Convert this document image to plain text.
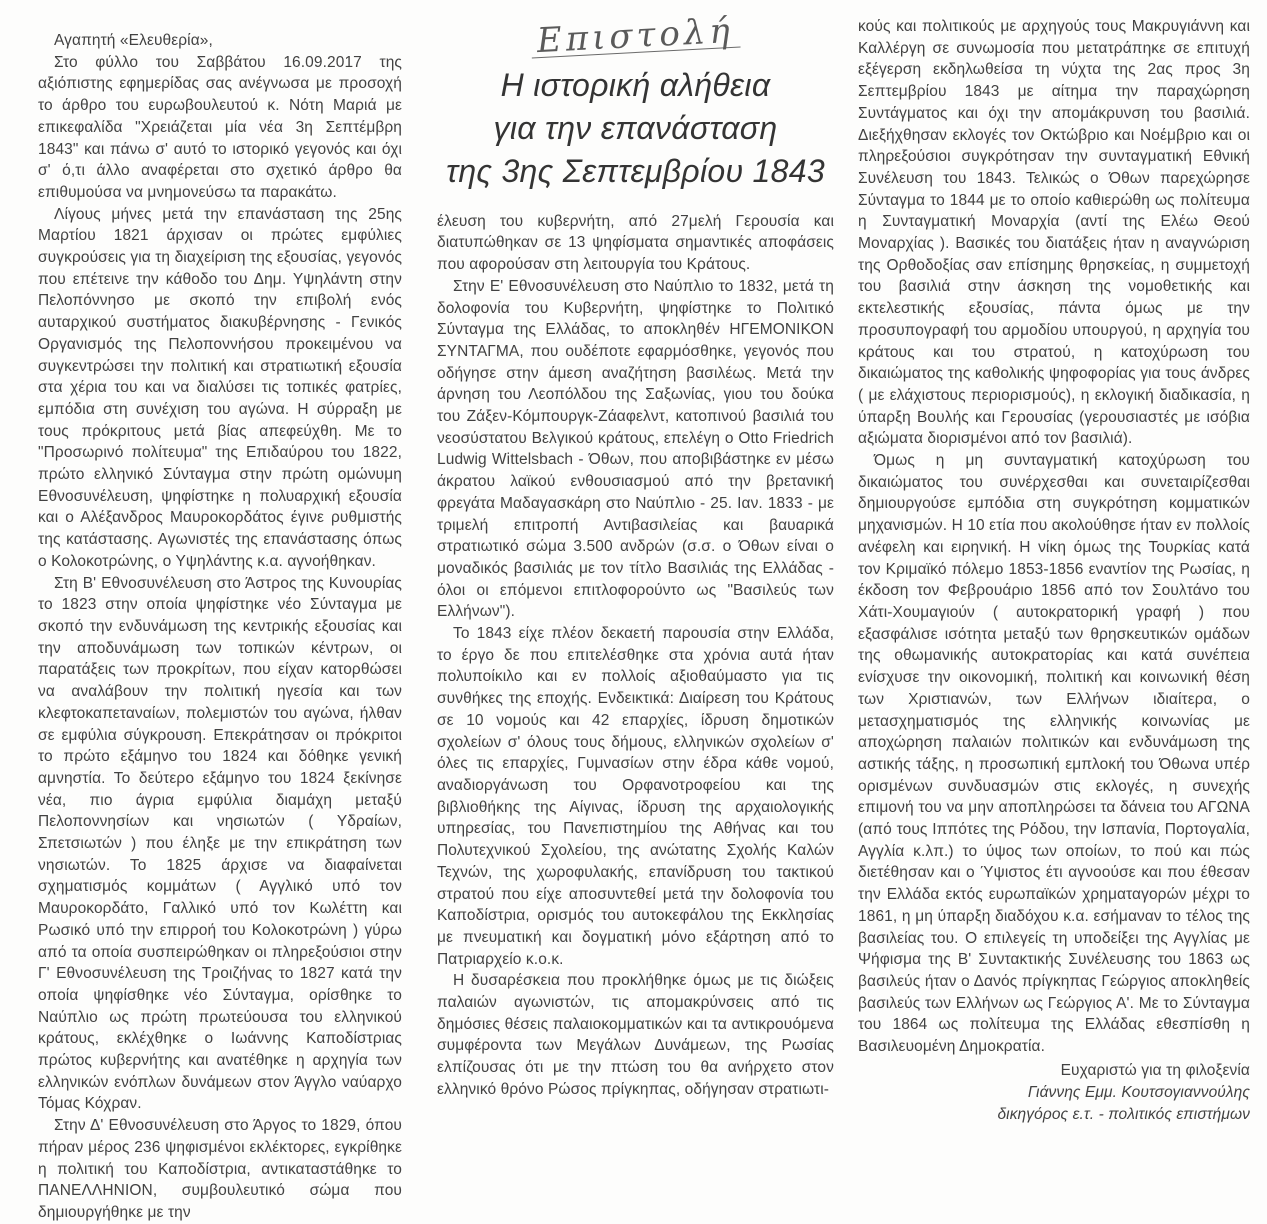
Αγαπητή «Ελευθερία»,

Στο φύλλο του Σαββάτου 16.09.2017 της αξιόπιστης εφημερίδας σας ανέγνωσα με προσοχή το άρθρο του ευρωβουλευτού κ. Νότη Μαριά με επικεφαλίδα "Χρειάζεται μία νέα 3η Σεπτέμβρη 1843" και πάνω σ' αυτό το ιστορικό γεγονός και όχι σ' ό,τι άλλο αναφέρεται στο σχετικό άρθρο θα επιθυμούσα να μνημονεύσω τα παρακάτω.

Λίγους μήνες μετά την επανάσταση της 25ης Μαρτίου 1821 άρχισαν οι πρώτες εμφύλιες συγκρούσεις για τη διαχείριση της εξουσίας, γεγονός που επέτεινε την κάθοδο του Δημ. Υψηλάντη στην Πελοπόννησο με σκοπό την επιβολή ενός αυταρχικού συστήματος διακυβέρνησης - Γενικός Οργανισμός της Πελοποννήσου προκειμένου να συγκεντρώσει την πολιτική και στρατιωτική εξουσία στα χέρια του και να διαλύσει τις τοπικές φατρίες, εμπόδια στη συνέχιση του αγώνα. Η σύρραξη με τους πρόκριτους μετά βίας απεφεύχθη. Με το "Προσωρινό πολίτευμα" της Επιδαύρου του 1822, πρώτο ελληνικό Σύνταγμα στην πρώτη ομώνυμη Εθνοσυνέλευση, ψηφίστηκε η πολυαρχική εξουσία και ο Αλέξανδρος Μαυροκορδάτος έγινε ρυθμιστής της κατάστασης. Αγωνιστές της επανάστασης όπως ο Κολοκοτρώνης, ο Υψηλάντης κ.α. αγνοήθηκαν.

Στη Β' Εθνοσυνέλευση στο Άστρος της Κυνουρίας το 1823 στην οποία ψηφίστηκε νέο Σύνταγμα με σκοπό την ενδυνάμωση της κεντρικής εξουσίας και την αποδυνάμωση των τοπικών κέντρων, οι παρατάξεις των προκρίτων, που είχαν κατορθώσει να αναλάβουν την πολιτική ηγεσία και των κλεφτοκαπεταναίων, πολεμιστών του αγώνα, ήλθαν σε εμφύλια σύγκρουση. Επεκράτησαν οι πρόκριτοι το πρώτο εξάμηνο του 1824 και δόθηκε γενική αμνηστία. Το δεύτερο εξάμηνο του 1824 ξεκίνησε νέα, πιο άγρια εμφύλια διαμάχη μεταξύ Πελοποννησίων και νησιωτών ( Υδραίων, Σπετσιωτών ) που έληξε με την επικράτηση των νησιωτών. Το 1825 άρχισε να διαφαίνεται σχηματισμός κομμάτων ( Αγγλικό υπό τον Μαυροκορδάτο, Γαλλικό υπό τον Κωλέττη και Ρωσικό υπό την επιρροή του Κολοκοτρώνη ) γύρω από τα οποία συσπειρώθηκαν οι πληρεξούσιοι στην Γ' Εθνοσυνέλευση της Τροιζήνας το 1827 κατά την οποία ψηφίσθηκε νέο Σύνταγμα, ορίσθηκε το Ναύπλιο ως πρώτη πρωτεύουσα του ελληνικού κράτους, εκλέχθηκε ο Ιωάννης Καποδίστριας πρώτος κυβερνήτης και ανατέθηκε η αρχηγία των ελληνικών ενόπλων δυνάμεων στον Άγγλο ναύαρχο Τόμας Κόχραν.

Στην Δ' Εθνοσυνέλευση στο Άργος το 1829, όπου πήραν μέρος 236 ψηφισμένοι εκλέκτορες, εγκρίθηκε η πολιτική του Καποδίστρια, αντικαταστάθηκε το ΠΑΝΕΛΛΗΝΙΟΝ, συμβουλευτικό σώμα που δημιουργήθηκε με την

Επιστολή
Η ιστορική αλήθεια
για την επανάσταση
της 3ης Σεπτεμβρίου 1843

έλευση του κυβερνήτη, από 27μελή Γερουσία και διατυπώθηκαν σε 13 ψηφίσματα σημαντικές αποφάσεις που αφορούσαν στη λειτουργία του Κράτους.

Στην Ε' Εθνοσυνέλευση στο Ναύπλιο το 1832, μετά τη δολοφονία του Κυβερνήτη, ψηφίστηκε το Πολιτικό Σύνταγμα της Ελλάδας, το αποκληθέν ΗΓΕΜΟΝΙΚΟΝ ΣΥΝΤΑΓΜΑ, που ουδέποτε εφαρμόσθηκε, γεγονός που οδήγησε στην άμεση αναζήτηση βασιλέως. Μετά την άρνηση του Λεοπόλδου της Σαξωνίας, γιου του δούκα του Ζάξεν-Κόμπουργκ-Ζάαφελντ, κατοπινού βασιλιά του νεοσύστατου Βελγικού κράτους, επελέγη ο Otto Friedrich Ludwig Wittelsbach - Όθων, που αποβιβάστηκε εν μέσω άκρατου λαϊκού ενθουσιασμού από την βρετανική φρεγάτα Μαδαγασκάρη στο Ναύπλιο - 25. Ιαν. 1833 - με τριμελή επιτροπή Αντιβασιλείας και βαυαρικά στρατιωτικό σώμα 3.500 ανδρών (σ.σ. ο Όθων είναι ο μοναδικός βασιλιάς με τον τίτλο Βασιλιάς της Ελλάδας - όλοι οι επόμενοι επιτλοφορούντο ως "Βασιλεύς των Ελλήνων").

Το 1843 είχε πλέον δεκαετή παρουσία στην Ελλάδα, το έργο δε που επιτελέσθηκε στα χρόνια αυτά ήταν πολυποίκιλο και εν πολλοίς αξιοθαύμαστο για τις συνθήκες της εποχής. Ενδεικτικά: Διαίρεση του Κράτους σε 10 νομούς και 42 επαρχίες, ίδρυση δημοτικών σχολείων σ' όλους τους δήμους, ελληνικών σχολείων σ' όλες τις επαρχίες, Γυμνασίων στην έδρα κάθε νομού, αναδιοργάνωση του Ορφανοτροφείου και της βιβλιοθήκης της Αίγινας, ίδρυση της αρχαιολογικής υπηρεσίας, του Πανεπιστημίου της Αθήνας και του Πολυτεχνικού Σχολείου, της ανώτατης Σχολής Καλών Τεχνών, της χωροφυλακής, επανίδρυση του τακτικού στρατού που είχε αποσυντεθεί μετά την δολοφονία του Καποδίστρια, ορισμός του αυτοκεφάλου της Εκκλησίας με πνευματική και δογματική μόνο εξάρτηση από το Πατριαρχείο κ.ο.κ.

Η δυσαρέσκεια που προκλήθηκε όμως με τις διώξεις παλαιών αγωνιστών, τις απομακρύνσεις από τις δημόσιες θέσεις παλαιοκομματικών και τα αντικρουόμενα συμφέροντα των Μεγάλων Δυνάμεων, της Ρωσίας ελπίζουσας ότι με την πτώση του θα ανήρχετο στον ελληνικό θρόνο Ρώσος πρίγκηπας, οδήγησαν στρατιωτι-

κούς και πολιτικούς με αρχηγούς τους Μακρυγιάννη και Καλλέργη σε συνωμοσία που μετατράπηκε σε επιτυχή εξέγερση εκδηλωθείσα τη νύχτα της 2ας προς 3η Σεπτεμβρίου 1843 με αίτημα την παραχώρηση Συντάγματος και όχι την απομάκρυνση του βασιλιά. Διεξήχθησαν εκλογές τον Οκτώβριο και Νοέμβριο και οι πληρεξούσιοι συγκρότησαν την συνταγματική Εθνική Συνέλευση του 1843. Τελικώς ο Όθων παρεχώρησε Σύνταγμα το 1844 με το οποίο καθιερώθη ως πολίτευμα η Συνταγματική Μοναρχία (αντί της Ελέω Θεού Μοναρχίας ). Βασικές του διατάξεις ήταν η αναγνώριση της Ορθοδοξίας σαν επίσημης θρησκείας, η συμμετοχή του βασιλιά στην άσκηση της νομοθετικής και εκτελεστικής εξουσίας, πάντα όμως με την προσυπογραφή του αρμοδίου υπουργού, η αρχηγία του κράτους και του στρατού, η κατοχύρωση του δικαιώματος της καθολικής ψηφοφορίας για τους άνδρες ( με ελάχιστους περιορισμούς), η εκλογική διαδικασία, η ύπαρξη Βουλής και Γερουσίας (γερουσιαστές με ισόβια αξιώματα διορισμένοι από τον βασιλιά).

Όμως η μη συνταγματική κατοχύρωση του δικαιώματος του συνέρχεσθαι και συνεταιρίζεσθαι δημιουργούσε εμπόδια στη συγκρότηση κομματικών μηχανισμών. Η 10 ετία που ακολούθησε ήταν εν πολλοίς ανέφελη και ειρηνική. Η νίκη όμως της Τουρκίας κατά τον Κριμαϊκό πόλεμο 1853-1856 εναντίον της Ρωσίας, η έκδοση τον Φεβρουάριο 1856 από τον Σουλτάνο του Χάτι-Χουμαγιούν ( αυτοκρατορική γραφή ) που εξασφάλισε ισότητα μεταξύ των θρησκευτικών ομάδων της οθωμανικής αυτοκρατορίας και κατά συνέπεια ενίσχυσε την οικονομική, πολιτική και κοινωνική θέση των Χριστιανών, των Ελλήνων ιδιαίτερα, ο μετασχηματισμός της ελληνικής κοινωνίας με αποχώρηση παλαιών πολιτικών και ενδυνάμωση της αστικής τάξης, η προσωπική εμπλοκή του Όθωνα υπέρ ορισμένων συνδυασμών στις εκλογές, η συνεχής επιμονή του να μην αποπληρώσει τα δάνεια του ΑΓΩΝΑ (από τους Ιππότες της Ρόδου, την Ισπανία, Πορτογαλία, Αγγλία κ.λπ.) το ύψος των οποίων, το πού και πώς διετέθησαν και ο Ύψιστος έτι αγνοούσε και που έθεσαν την Ελλάδα εκτός ευρωπαϊκών χρηματαγορών μέχρι το 1861, η μη ύπαρξη διαδόχου κ.α. εσήμαναν το τέλος της βασιλείας του. Ο επιλεγείς τη υποδείξει της Αγγλίας με Ψήφισμα της Β' Συντακτικής Συνέλευσης του 1863 ως βασιλεύς ήταν ο Δανός πρίγκηπας Γεώργιος αποκληθείς βασιλεύς των Ελλήνων ως Γεώργιος Α'. Με το Σύνταγμα του 1864 ως πολίτευμα της Ελλάδας εθεσπίσθη η Βασιλευομένη Δημοκρατία.

Ευχαριστώ για τη φιλοξενία
Γιάννης Εμμ. Κουτσογιαννούλης
δικηγόρος ε.τ. - πολιτικός επιστήμων
